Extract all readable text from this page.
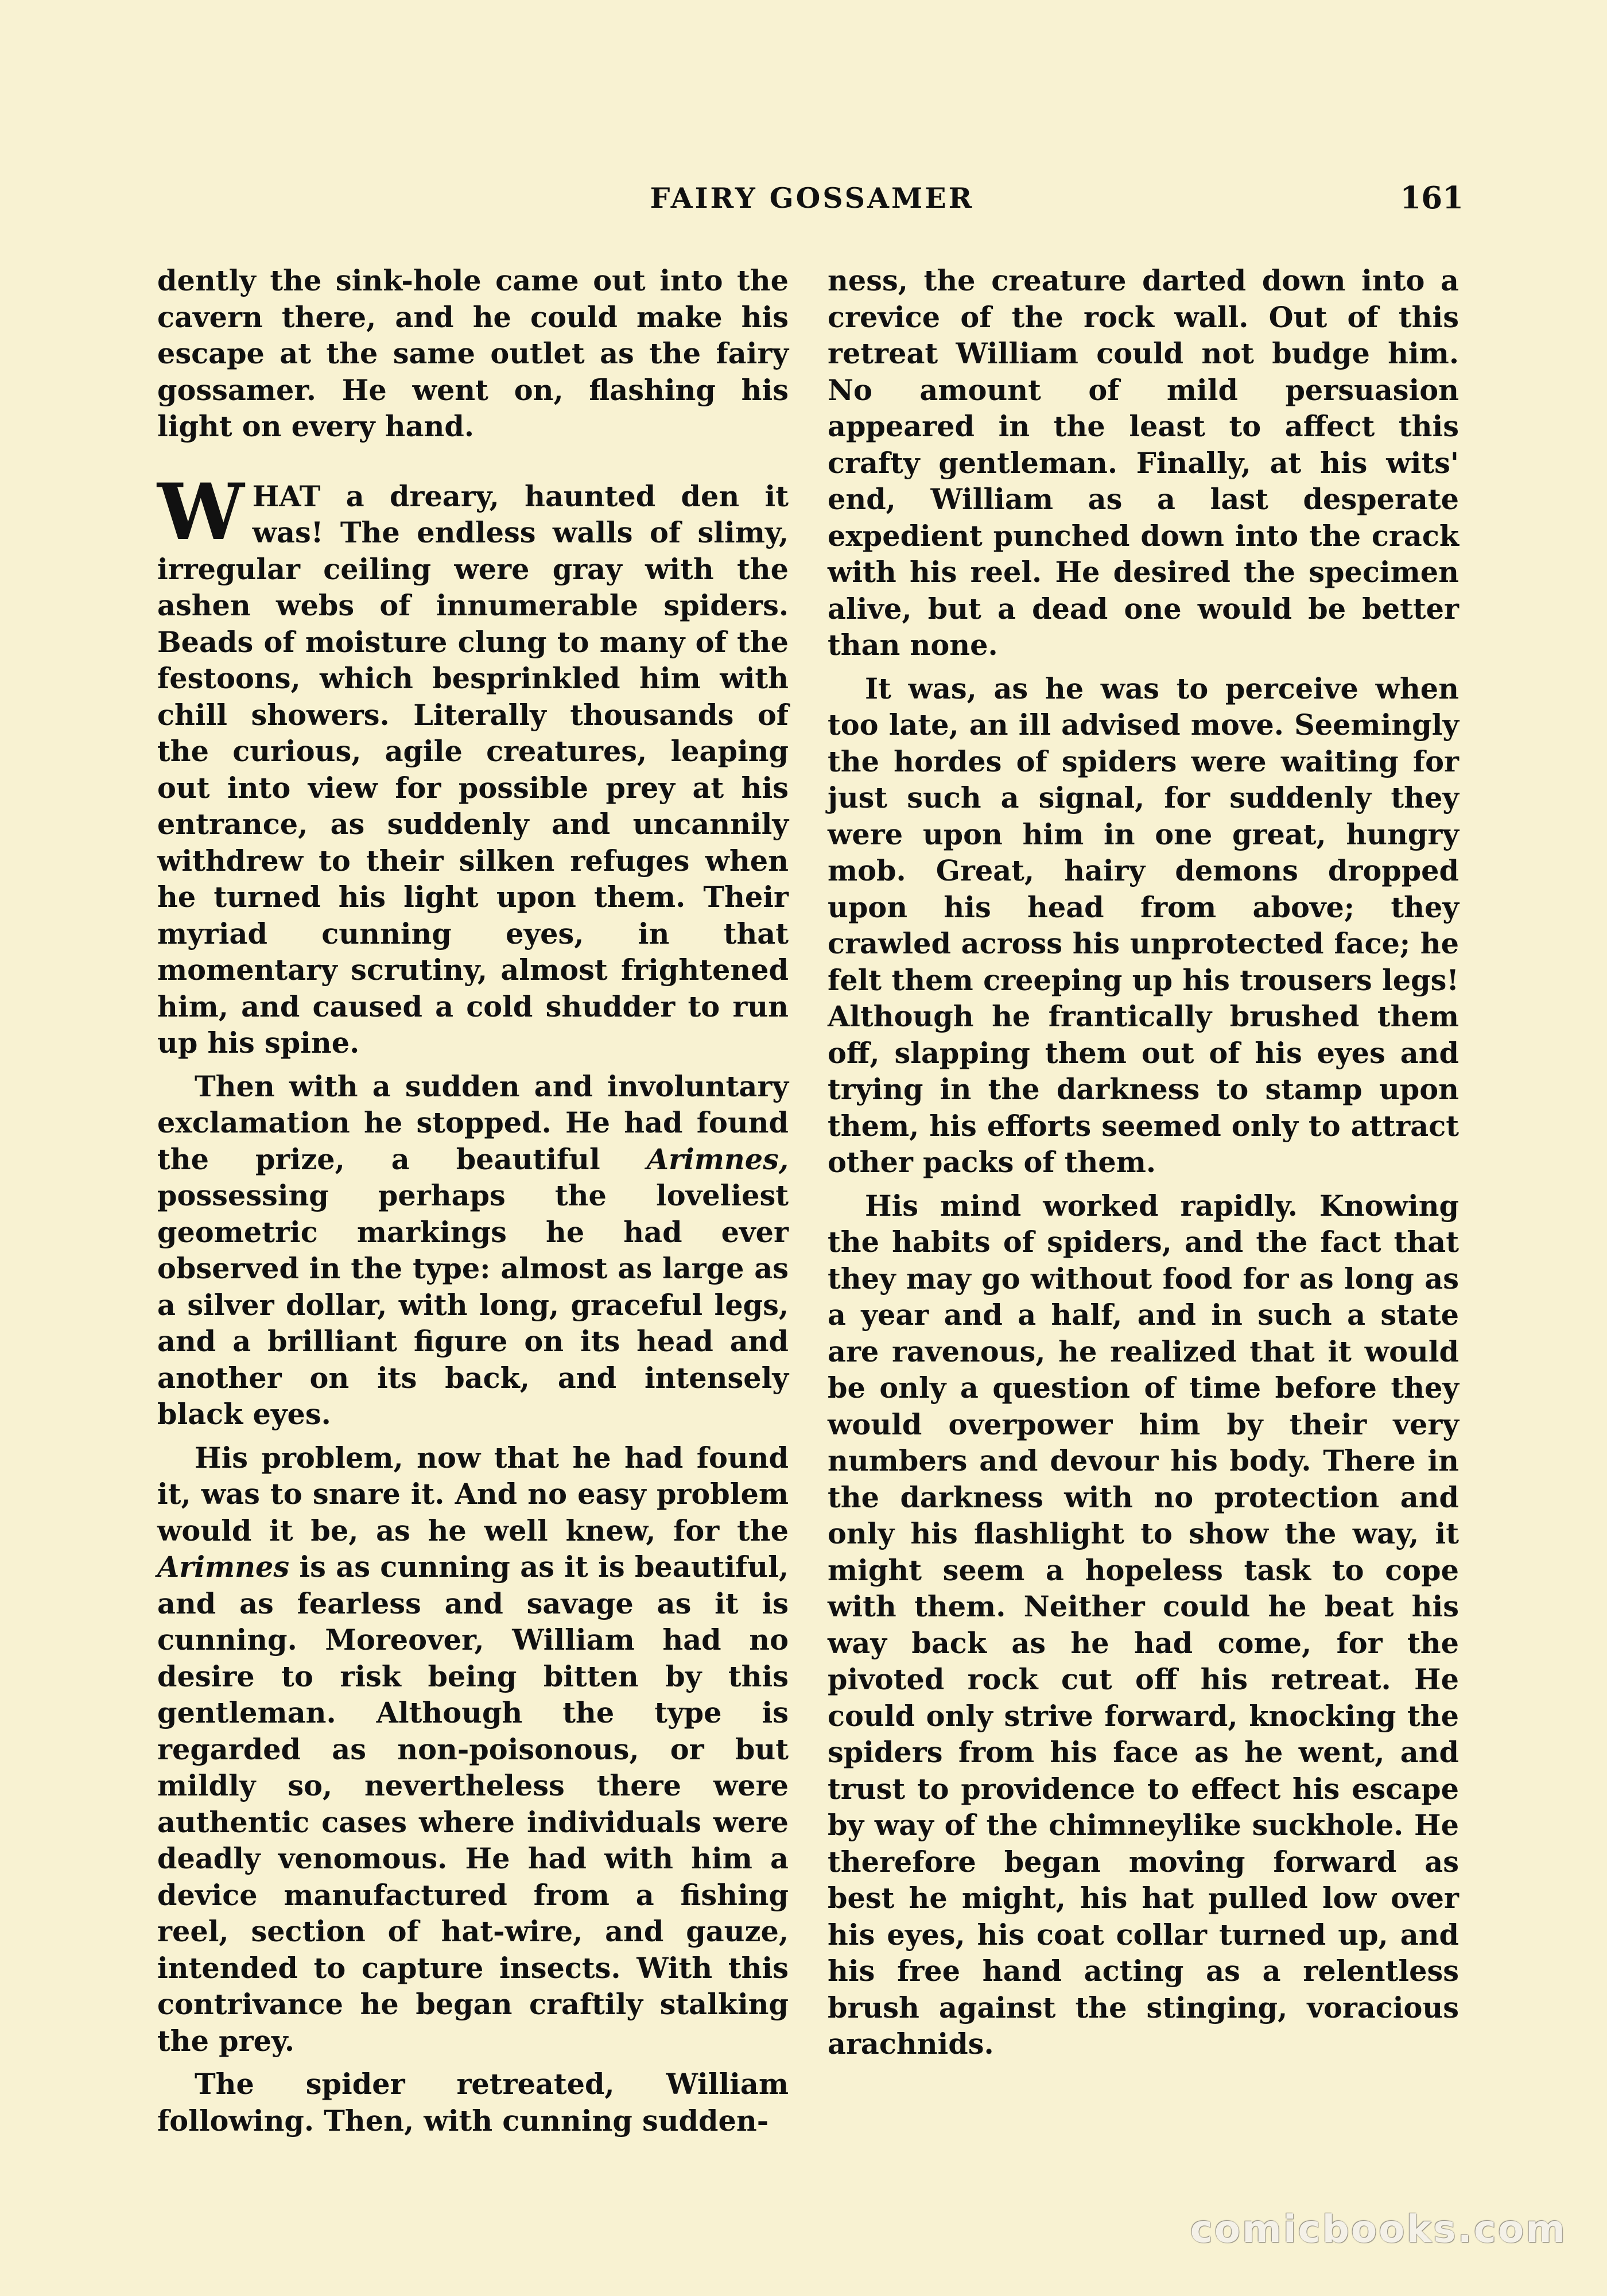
FAIRY GOSSAMER	161

dently the sink-hole came out into the cavern there, and he could make his escape at the same outlet as the fairy gossamer. He went on, flashing his light on every hand.

WHAT a dreary, haunted den it was! The endless walls of slimy, irregular ceiling were gray with the ashen webs of innumerable spiders. Beads of moisture clung to many of the festoons, which besprinkled him with chill showers. Literally thousands of the curious, agile creatures, leaping out into view for possible prey at his entrance, as suddenly and uncannily withdrew to their silken refuges when he turned his light upon them. Their myriad cunning eyes, in that momentary scrutiny, almost frightened him, and caused a cold shudder to run up his spine.

Then with a sudden and involuntary exclamation he stopped. He had found the prize, a beautiful Arimnes, possessing perhaps the loveliest geometric markings he had ever observed in the type: almost as large as a silver dollar, with long, graceful legs, and a brilliant figure on its head and another on its back, and intensely black eyes.

His problem, now that he had found it, was to snare it. And no easy problem would it be, as he well knew, for the Arimnes is as cunning as it is beautiful, and as fearless and savage as it is cunning. Moreover, William had no desire to risk being bitten by this gentleman. Although the type is regarded as non-poisonous, or but mildly so, nevertheless there were authentic cases where individuals were deadly venomous. He had with him a device manufactured from a fishing reel, section of hat-wire, and gauze, intended to capture insects. With this contrivance he began craftily stalking the prey.

The spider retreated, William following. Then, with cunning sudden-

ness, the creature darted down into a crevice of the rock wall. Out of this retreat William could not budge him. No amount of mild persuasion appeared in the least to affect this crafty gentleman. Finally, at his wits' end, William as a last desperate expedient punched down into the crack with his reel. He desired the specimen alive, but a dead one would be better than none.

It was, as he was to perceive when too late, an ill advised move. Seemingly the hordes of spiders were waiting for just such a signal, for suddenly they were upon him in one great, hungry mob. Great, hairy demons dropped upon his head from above; they crawled across his unprotected face; he felt them creeping up his trousers legs! Although he frantically brushed them off, slapping them out of his eyes and trying in the darkness to stamp upon them, his efforts seemed only to attract other packs of them.

His mind worked rapidly. Knowing the habits of spiders, and the fact that they may go without food for as long as a year and a half, and in such a state are ravenous, he realized that it would be only a question of time before they would overpower him by their very numbers and devour his body. There in the darkness with no protection and only his flashlight to show the way, it might seem a hopeless task to cope with them. Neither could he beat his way back as he had come, for the pivoted rock cut off his retreat. He could only strive forward, knocking the spiders from his face as he went, and trust to providence to effect his escape by way of the chimneylike suckhole. He therefore began moving forward as best he might, his hat pulled low over his eyes, his coat collar turned up, and his free hand acting as a relentless brush against the stinging, voracious arachnids.

comicbooks.com
